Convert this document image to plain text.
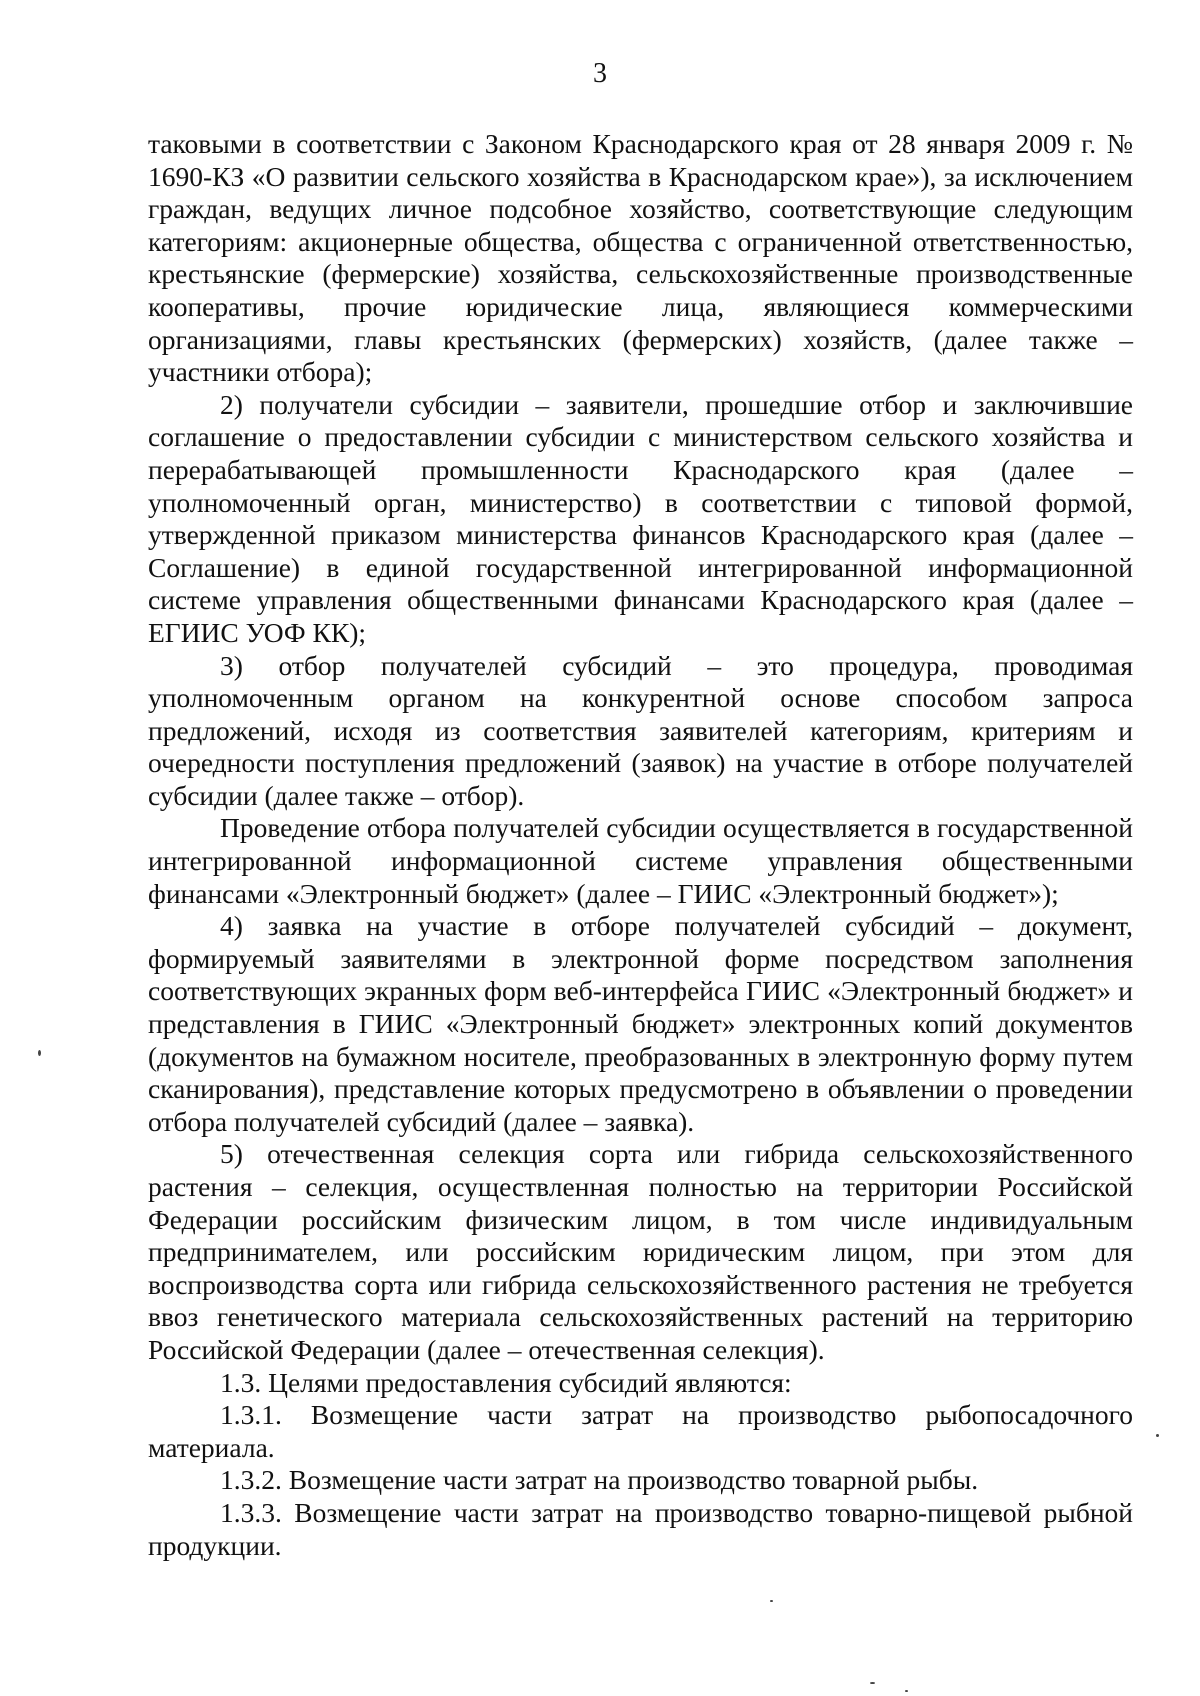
3

таковыми в соответствии с Законом Краснодарского края от 28 января 2009 г. № 1690-КЗ «О развитии сельского хозяйства в Краснодарском крае»), за исключением граждан, ведущих личное подсобное хозяйство, соответствующие следующим категориям: акционерные общества, общества с ограниченной ответственностью, крестьянские (фермерские) хозяйства, сельскохозяйственные производственные кооперативы, прочие юридические лица, являющиеся коммерческими организациями, главы крестьянских (фермерских) хозяйств, (далее также – участники отбора);

2) получатели субсидии – заявители, прошедшие отбор и заключившие соглашение о предоставлении субсидии с министерством сельского хозяйства и перерабатывающей промышленности Краснодарского края (далее – уполномоченный орган, министерство) в соответствии с типовой формой, утвержденной приказом министерства финансов Краснодарского края (далее – Соглашение) в единой государственной интегрированной информационной системе управления общественными финансами Краснодарского края (далее – ЕГИИС УОФ КК);

3) отбор получателей субсидий – это процедура, проводимая уполномоченным органом на конкурентной основе способом запроса предложений, исходя из соответствия заявителей категориям, критериям и очередности поступления предложений (заявок) на участие в отборе получателей субсидии (далее также – отбор).

Проведение отбора получателей субсидии осуществляется в государственной интегрированной информационной системе управления общественными финансами «Электронный бюджет» (далее – ГИИС «Электронный бюджет»);

4) заявка на участие в отборе получателей субсидий – документ, формируемый заявителями в электронной форме посредством заполнения соответствующих экранных форм веб-интерфейса ГИИС «Электронный бюджет» и представления в ГИИС «Электронный бюджет» электронных копий документов (документов на бумажном носителе, преобразованных в электронную форму путем сканирования), представление которых предусмотрено в объявлении о проведении отбора получателей субсидий (далее – заявка).

5) отечественная селекция сорта или гибрида сельскохозяйственного растения – селекция, осуществленная полностью на территории Российской Федерации российским физическим лицом, в том числе индивидуальным предпринимателем, или российским юридическим лицом, при этом для воспроизводства сорта или гибрида сельскохозяйственного растения не требуется ввоз генетического материала сельскохозяйственных растений на территорию Российской Федерации (далее – отечественная селекция).

1.3. Целями предоставления субсидий являются:

1.3.1. Возмещение части затрат на производство рыбопосадочного материала.

1.3.2. Возмещение части затрат на производство товарной рыбы.

1.3.3. Возмещение части затрат на производство товарно-пищевой рыбной продукции.
